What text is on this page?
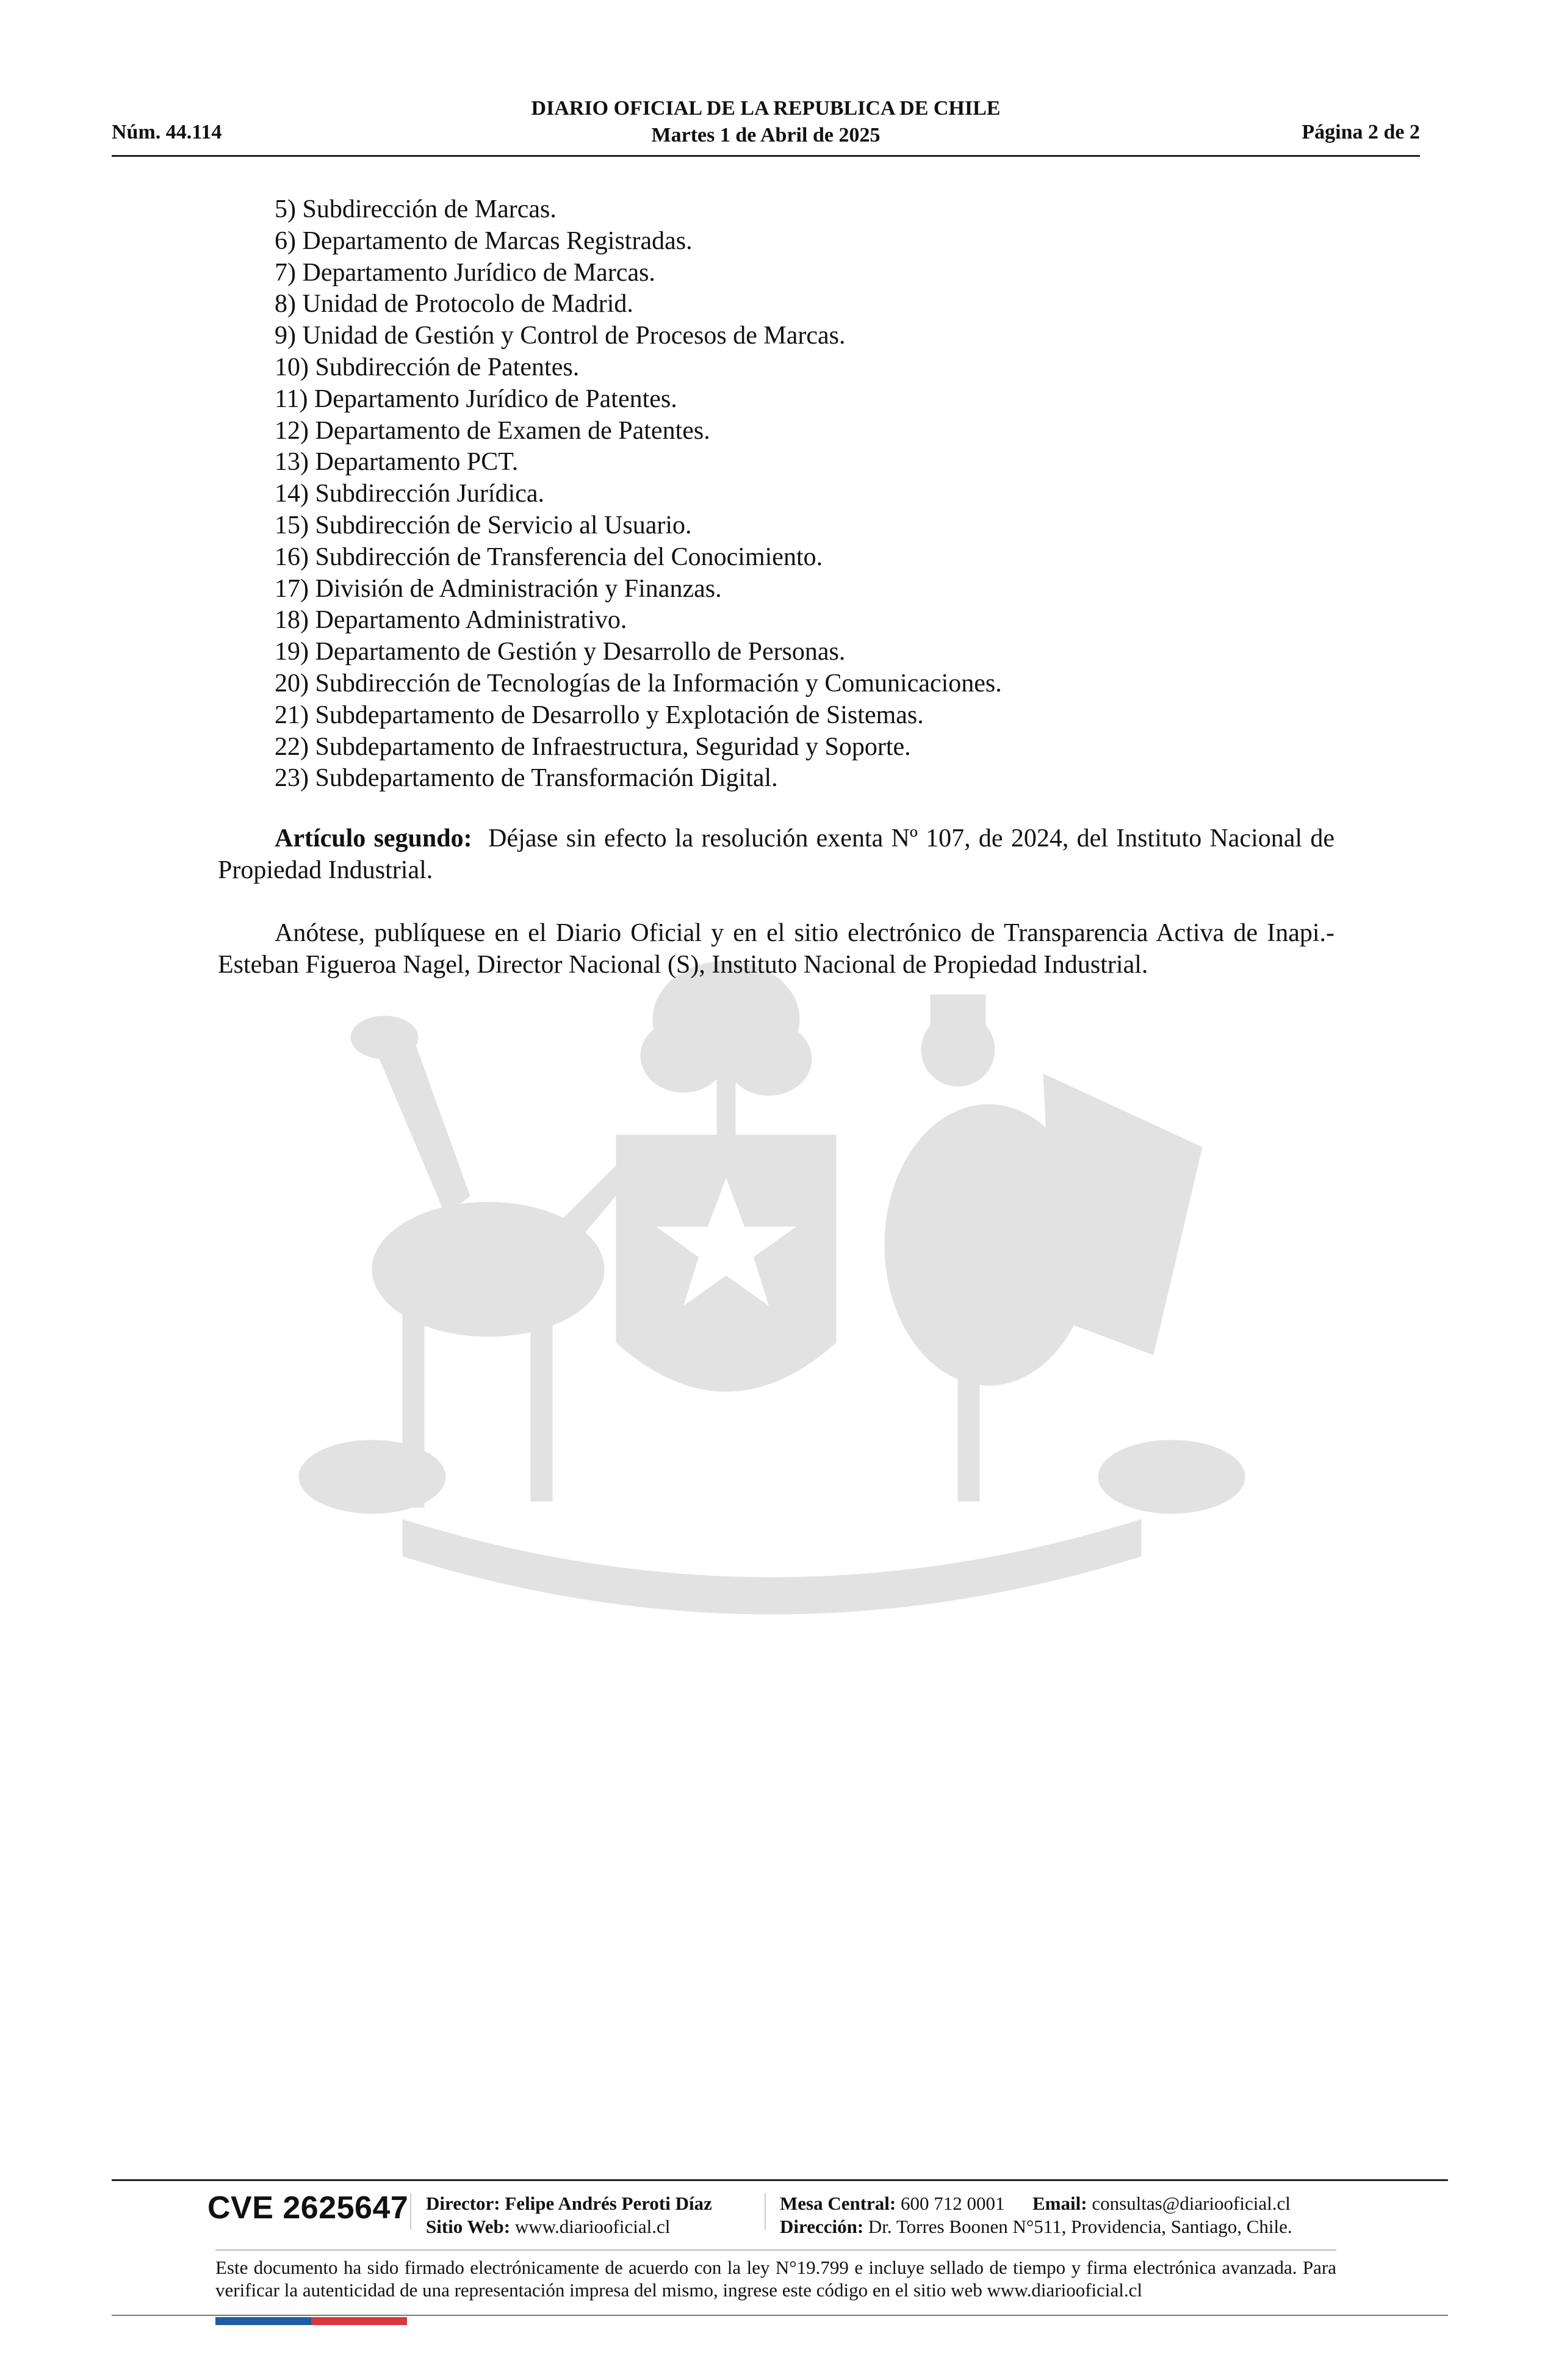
Núm. 44.114
DIARIO OFICIAL DE LA REPUBLICA DE CHILE
Martes 1 de Abril de 2025	Página 2 de 2
5) Subdirección de Marcas.
6) Departamento de Marcas Registradas.
7) Departamento Jurídico de Marcas.
8) Unidad de Protocolo de Madrid.
9) Unidad de Gestión y Control de Procesos de Marcas.
10) Subdirección de Patentes.
11) Departamento Jurídico de Patentes.
12) Departamento de Examen de Patentes.
13) Departamento PCT.
14) Subdirección Jurídica.
15) Subdirección de Servicio al Usuario.
16) Subdirección de Transferencia del Conocimiento.
17) División de Administración y Finanzas.
18) Departamento Administrativo.
19) Departamento de Gestión y Desarrollo de Personas.
20) Subdirección de Tecnologías de la Información y Comunicaciones.
21) Subdepartamento de Desarrollo y Explotación de Sistemas.
22) Subdepartamento de Infraestructura, Seguridad y Soporte.
23) Subdepartamento de Transformación Digital.

Artículo segundo: Déjase sin efecto la resolución exenta Nº 107, de 2024, del Instituto Nacional de Propiedad Industrial.

Anótese, publíquese en el Diario Oficial y en el sitio electrónico de Transparencia Activa de Inapi.- Esteban Figueroa Nagel, Director Nacional (S), Instituto Nacional de Propiedad Industrial.

CVE 2625647 Director: Felipe Andrés Peroti Díaz
Sitio Web: www.diariooficial.cl
Mesa Central: 600 712 0001 Email: consultas@diariooficial.cl
Dirección: Dr. Torres Boonen N°511, Providencia, Santiago, Chile.

Este documento ha sido firmado electrónicamente de acuerdo con la ley N°19.799 e incluye sellado de tiempo y firma electrónica avanzada. Para verificar la autenticidad de una representación impresa del mismo, ingrese este código en el sitio web www.diariooficial.cl
